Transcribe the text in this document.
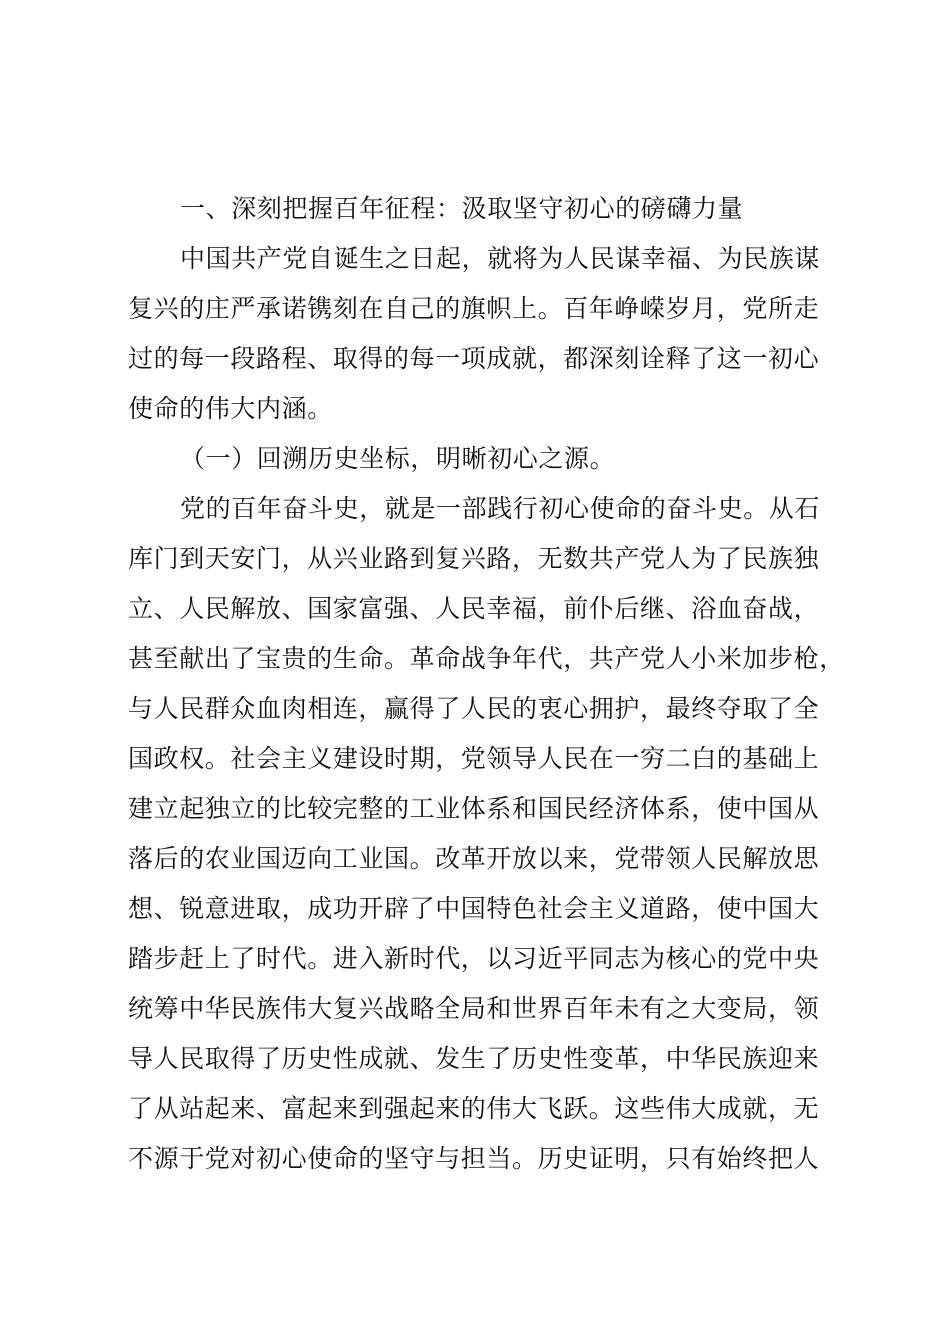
一、深刻把握百年征程：汲取坚守初心的磅礴力量
中国共产党自诞生之日起，就将为人民谋幸福、为民族谋
复兴的庄严承诺镌刻在自己的旗帜上。百年峥嵘岁月，党所走
过的每一段路程、取得的每一项成就，都深刻诠释了这一初心
使命的伟大内涵。
（一）回溯历史坐标，明晰初心之源。
党的百年奋斗史，就是一部践行初心使命的奋斗史。从石
库门到天安门，从兴业路到复兴路，无数共产党人为了民族独
立、人民解放、国家富强、人民幸福，前仆后继、浴血奋战，
甚至献出了宝贵的生命。革命战争年代，共产党人小米加步枪，
与人民群众血肉相连，赢得了人民的衷心拥护，最终夺取了全
国政权。社会主义建设时期，党领导人民在一穷二白的基础上
建立起独立的比较完整的工业体系和国民经济体系，使中国从
落后的农业国迈向工业国。改革开放以来，党带领人民解放思
想、锐意进取，成功开辟了中国特色社会主义道路，使中国大
踏步赶上了时代。进入新时代，以习近平同志为核心的党中央
统筹中华民族伟大复兴战略全局和世界百年未有之大变局，领
导人民取得了历史性成就、发生了历史性变革，中华民族迎来
了从站起来、富起来到强起来的伟大飞跃。这些伟大成就，无
不源于党对初心使命的坚守与担当。历史证明，只有始终把人
